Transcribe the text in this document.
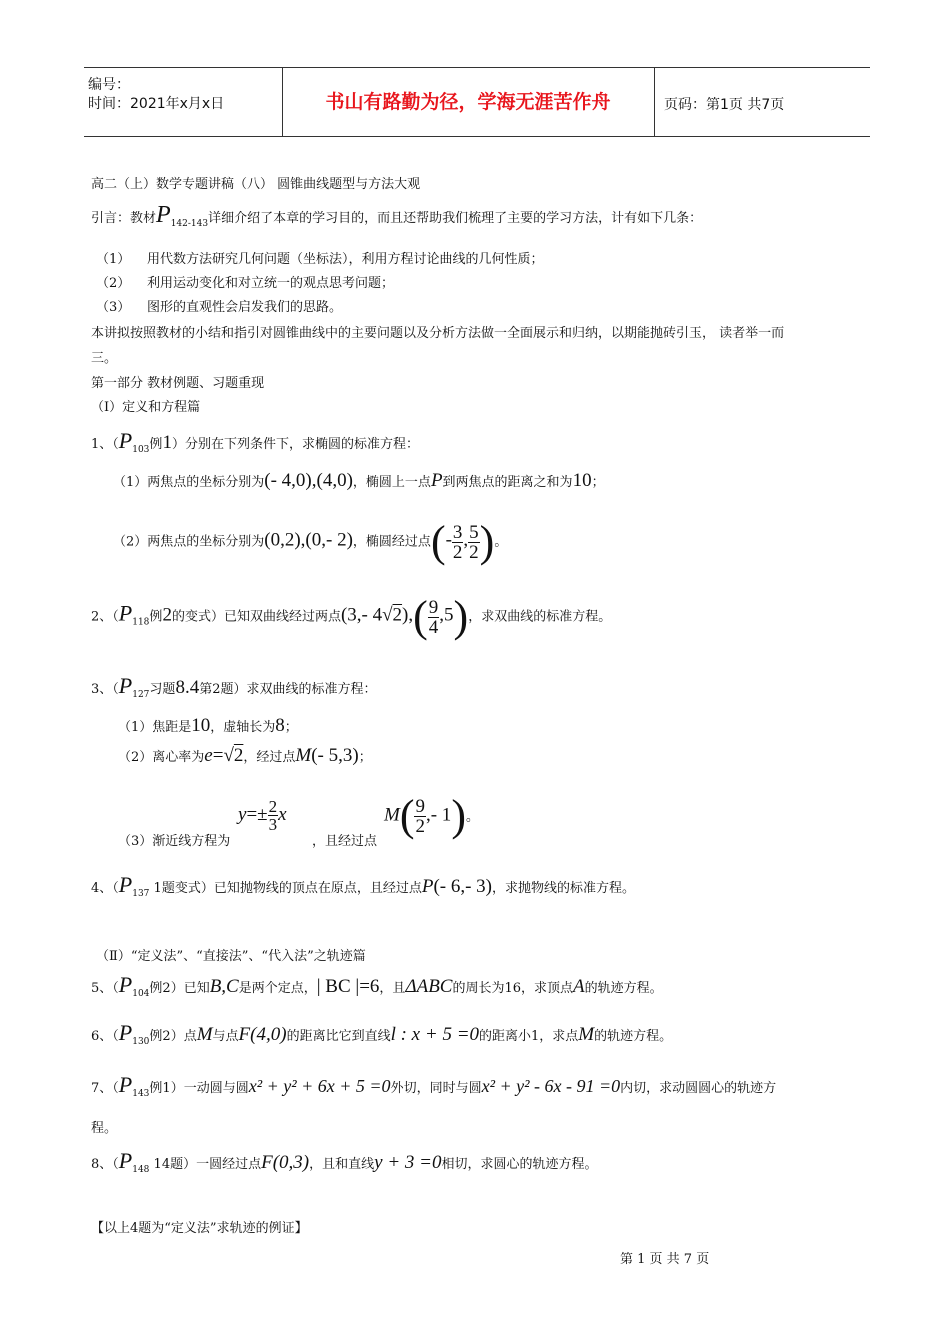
编号：
时间：2021年x月x日	书山有路勤为径，学海无涯苦作舟	页码：第1页 共7页
高二（上）数学专题讲稿（八） 圆锥曲线题型与方法大观
引言：教材$P_{142-143}$详细介绍了本章的学习目的，而且还帮助我们梳理了主要的学习方法，计有如下几条：
（1） 用代数方法研究几何问题（坐标法），利用方程讨论曲线的几何性质；
（2） 利用运动变化和对立统一的观点思考问题；
（3） 图形的直观性会启发我们的思路。
本讲拟按照教材的小结和指引对圆锥曲线中的主要问题以及分析方法做一全面展示和归纳，以期能抛砖引玉， 读者举一而
三。
第一部分 教材例题、习题重现
（Ⅰ）定义和方程篇
1、（$P_{103}$例1）分别在下列条件下，求椭圆的标准方程：
（1）两焦点的坐标分别为(- 4,0),(4,0)，椭圆上一点P到两焦点的距离之和为10；
（2）两焦点的坐标分别为(0,2),(0,- 2)，椭圆经过点(- $\frac{3}{2}$ , $\frac{5}{2}$ )。
2、（$P_{118}$例2的变式）已知双曲线经过两点(3,- $4√2),( \frac{9}{4} ,5)$，求双曲线的标准方程。
3、（$P_{127}$习题8.4第2题）求双曲线的标准方程：
（1）焦距是10，虚轴长为8；
（2）离心率为e=√2，经过点M(- 5,3)；
（3）渐近线方程为
$y=\pm \frac{2}{3}$ x
，且经过点
$M( \frac{9}{2}$ ,- 1)。
4、（$P_{137}$ 1题变式）已知抛物线的顶点在原点，且经过点P(- 6,- 3)，求抛物线的标准方程。
（Ⅱ）“定义法”、“直接法”、“代入法”之轨迹篇
5、（$P_{104}$例2）已知B,C是两个定点，| BC |=6，且ΔABC的周长为16，求顶点A的轨迹方程。
6、（$P_{130}$例2）点M与点F(4,0)的距离比它到直线l : x + 5 =0的距离小1，求点M的轨迹方程。
7、（$P_{143}$例1）一动圆与圆x² + y² + 6x + 5 =0外切，同时与圆x² + y² - 6x - 91 =0内切，求动圆圆心的轨迹方
程。
8、（$P_{148}$ 14题）一圆经过点F(0,3)，且和直线y + 3 =0相切，求圆心的轨迹方程。
【以上4题为“定义法”求轨迹的例证】
第 1 页 共 7 页
